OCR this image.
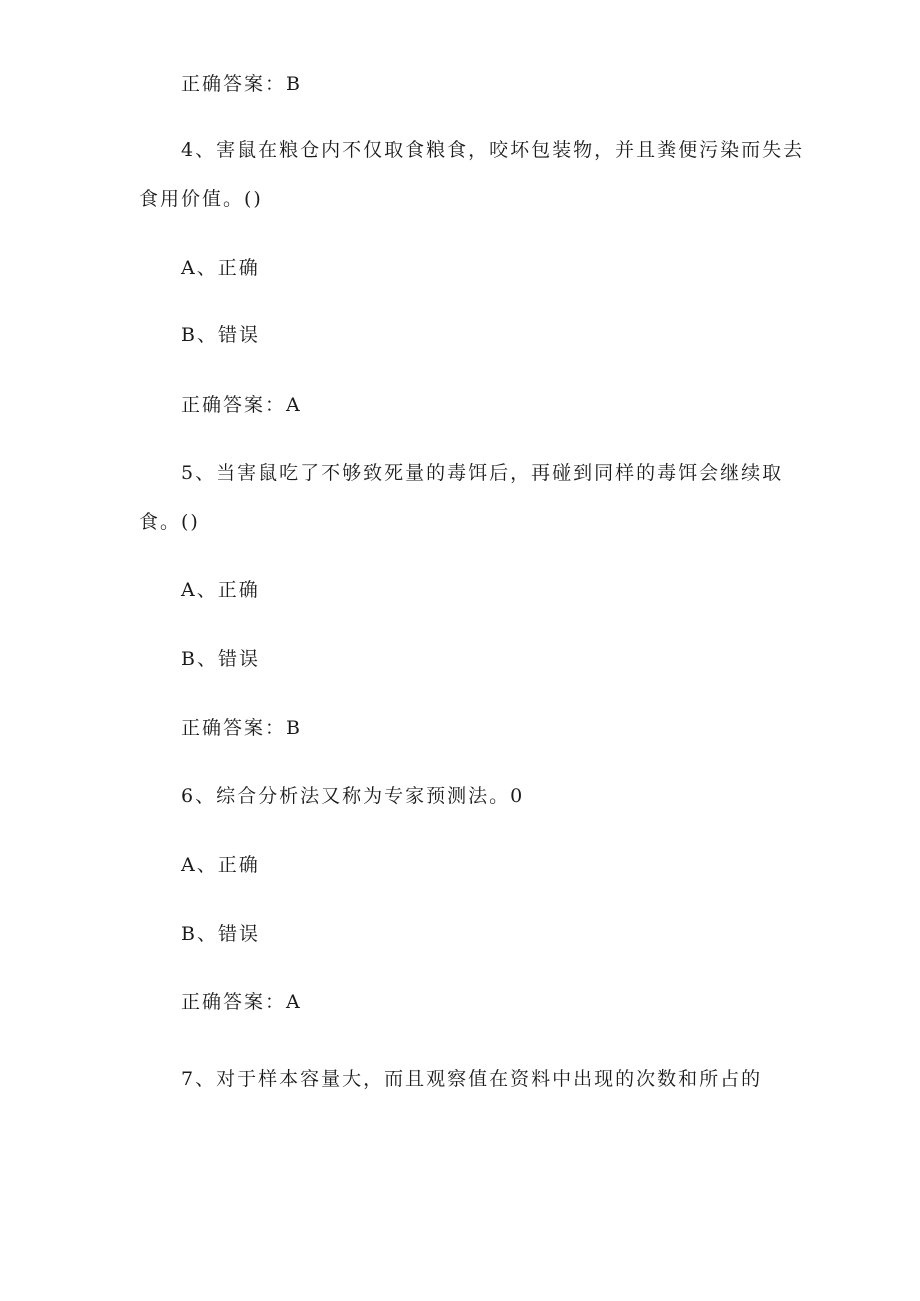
正确答案：B
4、害鼠在粮仓内不仅取食粮食，咬坏包装物，并且粪便污染而失去
食用价值。()
A、正确
B、错误
正确答案：A
5、当害鼠吃了不够致死量的毒饵后，再碰到同样的毒饵会继续取
食。()
A、正确
B、错误
正确答案：B
6、综合分析法又称为专家预测法。0
A、正确
B、错误
正确答案：A
7、对于样本容量大，而且观察值在资料中出现的次数和所占的
